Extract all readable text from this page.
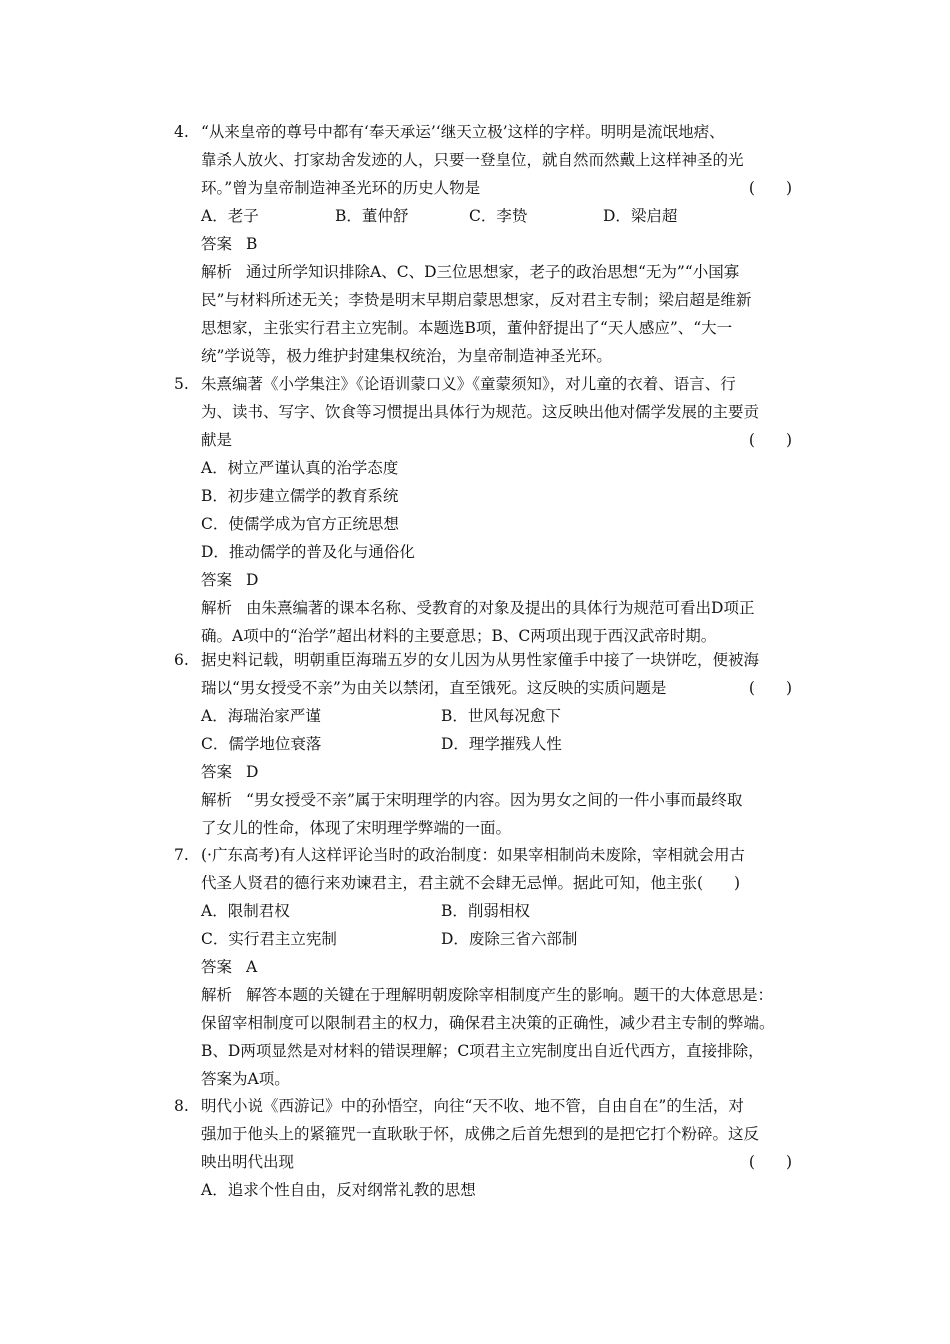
4. “从来皇帝的尊号中都有‘奉天承运’‘继天立极’这样的字样。明明是流氓地痞、
靠杀人放火、打家劫舍发迹的人，只要一登皇位，就自然而然戴上这样神圣的光
环。”曾为皇帝制造神圣光环的历史人物是	(　　)
A．老子	B．董仲舒	C．李贽	D．梁启超
答案 B
解析 通过所学知识排除A、C、D三位思想家，老子的政治思想“无为”“小国寡
民”与材料所述无关；李贽是明末早期启蒙思想家，反对君主专制；梁启超是维新
思想家，主张实行君主立宪制。本题选B项，董仲舒提出了“天人感应”、“大一
统”学说等，极力维护封建集权统治，为皇帝制造神圣光环。
5. 朱熹编著《小学集注》《论语训蒙口义》《童蒙须知》，对儿童的衣着、语言、行
为、读书、写字、饮食等习惯提出具体行为规范。这反映出他对儒学发展的主要贡
献是	(　　)
A．树立严谨认真的治学态度
B．初步建立儒学的教育系统
C．使儒学成为官方正统思想
D．推动儒学的普及化与通俗化
答案 D
解析 由朱熹编著的课本名称、受教育的对象及提出的具体行为规范可看出D项正
确。A项中的“治学”超出材料的主要意思；B、C两项出现于西汉武帝时期。
6. 据史料记载，明朝重臣海瑞五岁的女儿因为从男性家僮手中接了一块饼吃，便被海
瑞以“男女授受不亲”为由关以禁闭，直至饿死。这反映的实质问题是	(　　)
A．海瑞治家严谨	B．世风每况愈下
C．儒学地位衰落	D．理学摧残人性
答案 D
解析 “男女授受不亲”属于宋明理学的内容。因为男女之间的一件小事而最终取
了女儿的性命，体现了宋明理学弊端的一面。
7. (·广东高考)有人这样评论当时的政治制度：如果宰相制尚未废除，宰相就会用古
代圣人贤君的德行来劝谏君主，君主就不会肆无忌惮。据此可知，他主张(　　)
A．限制君权	B．削弱相权
C．实行君主立宪制	D．废除三省六部制
答案 A
解析 解答本题的关键在于理解明朝废除宰相制度产生的影响。题干的大体意思是：
保留宰相制度可以限制君主的权力，确保君主决策的正确性，减少君主专制的弊端。
B、D两项显然是对材料的错误理解；C项君主立宪制度出自近代西方，直接排除，
答案为A项。
8. 明代小说《西游记》中的孙悟空，向往“天不收、地不管，自由自在”的生活，对
强加于他头上的紧箍咒一直耿耿于怀，成佛之后首先想到的是把它打个粉碎。这反
映出明代出现	(　　)
A．追求个性自由，反对纲常礼教的思想
